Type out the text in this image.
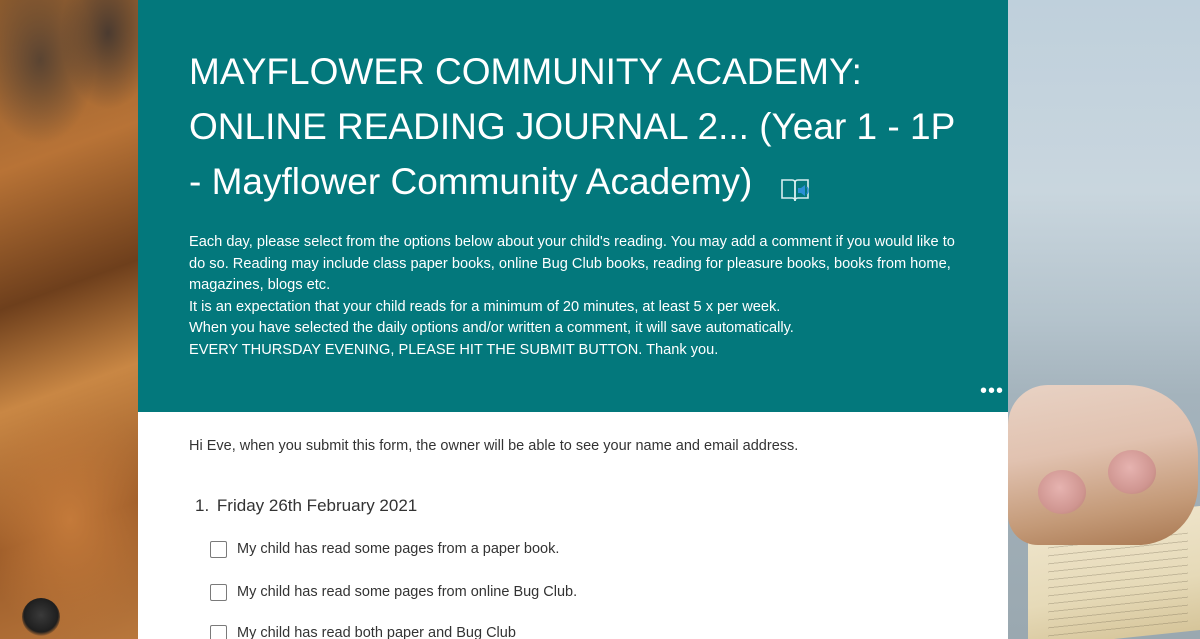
MAYFLOWER COMMUNITY ACADEMY:
ONLINE READING JOURNAL 2... (Year 1 - 1P
- Mayflower Community Academy)

Each day, please select from the options below about your child's reading. You may add a comment if you would like to do so. Reading may include class paper books, online Bug Club books, reading for pleasure books, books from home, magazines, blogs etc.

It is an expectation that your child reads for a minimum of 20 minutes, at least 5 x per week.

When you have selected the daily options and/or written a comment, it will save automatically.

EVERY THURSDAY EVENING, PLEASE HIT THE SUBMIT BUTTON. Thank you.

•••
Hi Eve, when you submit this form, the owner will be able to see your name and email address.
1. Friday 26th February 2021
My child has read some pages from a paper book.
My child has read some pages from online Bug Club.
My child has read both paper and Bug Club
